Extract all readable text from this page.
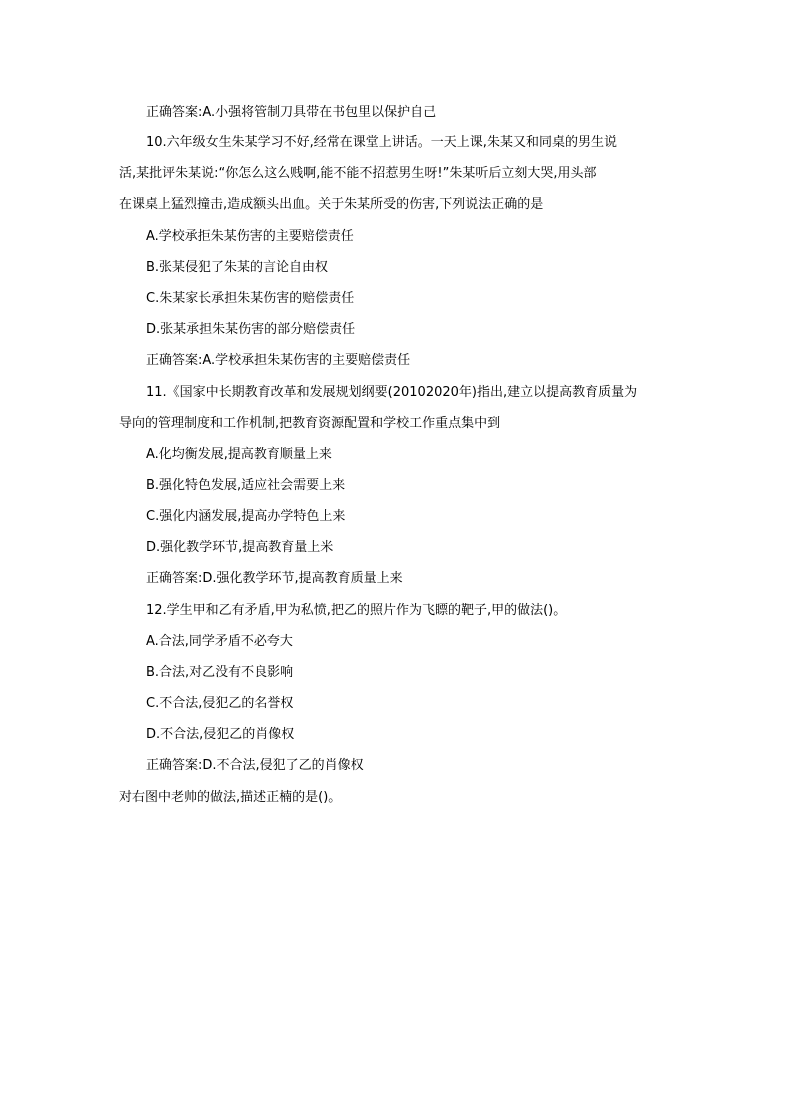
正确答案:A.小强将管制刀具带在书包里以保护自己
10.六年级女生朱某学习不好,经常在课堂上讲话。一天上课,朱某又和同桌的男生说
活,某批评朱某说:“你怎么这么贱啊,能不能不招惹男生呀!”朱某听后立刻大哭,用头部
在课桌上猛烈撞击,造成额头出血。关于朱某所受的伤害,下列说法正确的是
A.学校承拒朱某伤害的主要赔偿责任
B.张某侵犯了朱某的言论自由权
C.朱某家长承担朱某伤害的赔偿责任
D.张某承担朱某伤害的部分赔偿责任
正确答案:A.学校承担朱某伤害的主要赔偿责任
11.《国家中长期教育改革和发展规划纲要(20102020年)指出,建立以提高教育质量为
导向的管理制度和工作机制,把教育资源配置和学校工作重点集中到
A.化均衡发展,提高教育顺量上来
B.强化特色发展,适应社会需要上来
C.强化内涵发展,提高办学特色上来
D.强化教学环节,提高教育量上米
正确答案:D.强化教学环节,提高教育质量上来
12.学生甲和乙有矛盾,甲为私愤,把乙的照片作为飞瞟的靶子,甲的做法()。
A.合法,同学矛盾不必夸大
B.合法,对乙没有不良影响
C.不合法,侵犯乙的名誉权
D.不合法,侵犯乙的肖像权
正确答案:D.不合法,侵犯了乙的肖像权
对右图中老帅的做法,描述正楠的是()。
